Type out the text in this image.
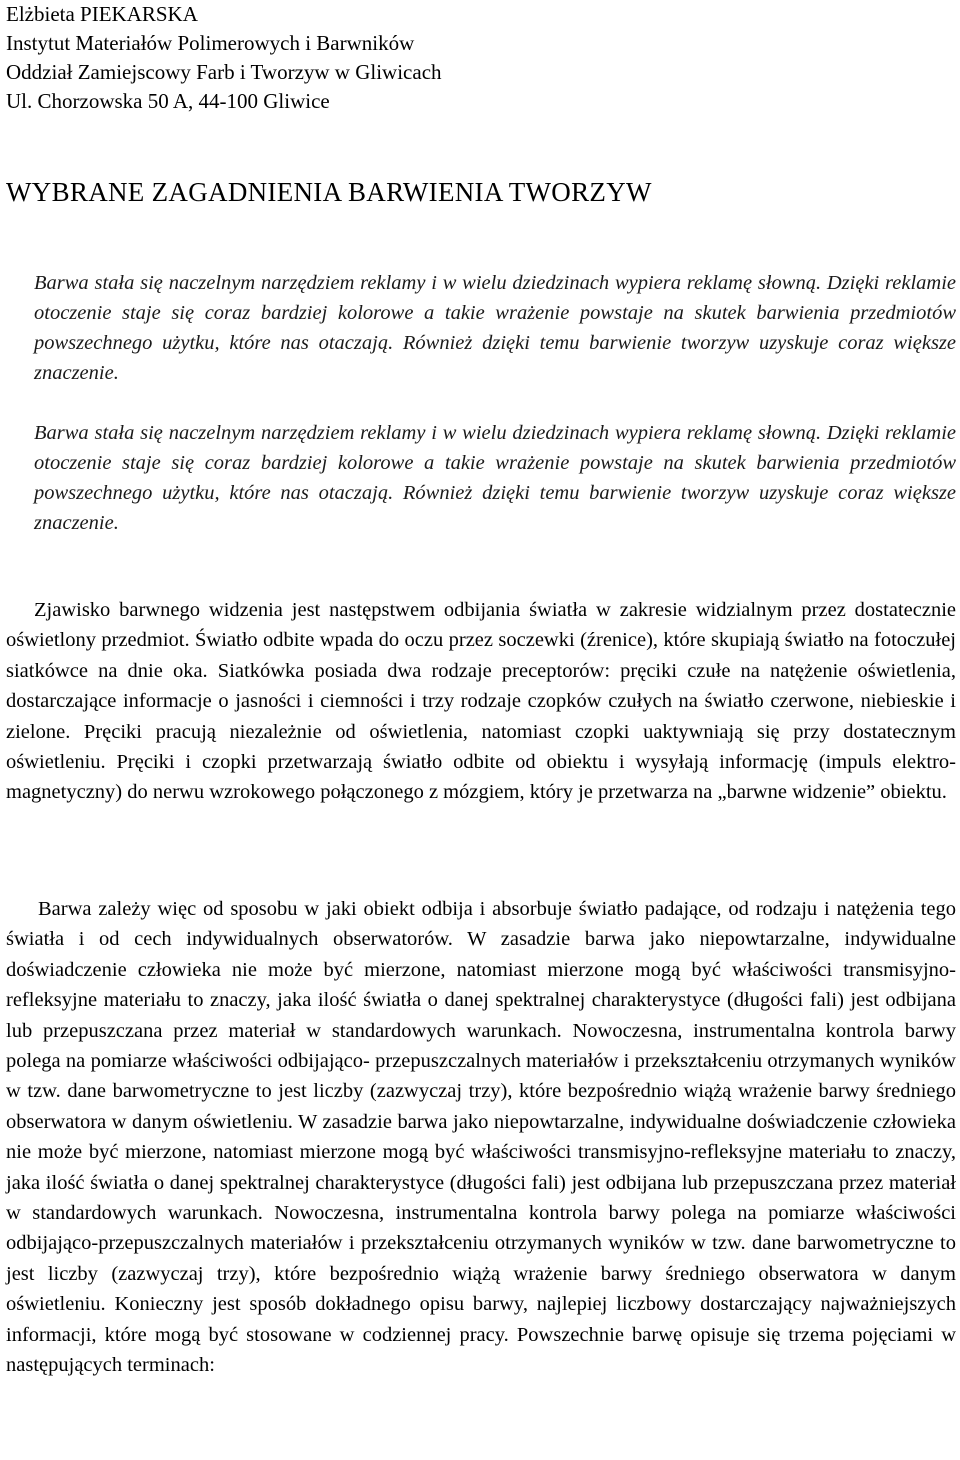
Elżbieta PIEKARSKA
Instytut Materiałów Polimerowych i Barwników
Oddział Zamiejscowy Farb i Tworzyw w Gliwicach
Ul. Chorzowska 50 A, 44-100 Gliwice
WYBRANE ZAGADNIENIA BARWIENIA TWORZYW

Barwa stała się naczelnym narzędziem reklamy i w wielu dziedzinach wypiera reklamę słowną. Dzięki reklamie otoczenie staje się coraz bardziej kolorowe a takie wrażenie powstaje na skutek barwienia przedmiotów powszechnego użytku, które nas otaczają. Również dzięki temu barwienie tworzyw uzyskuje coraz większe znaczenie.

Barwa stała się naczelnym narzędziem reklamy i w wielu dziedzinach wypiera reklamę słowną. Dzięki reklamie otoczenie staje się coraz bardziej kolorowe a takie wrażenie powstaje na skutek barwienia przedmiotów powszechnego użytku, które nas otaczają. Również dzięki temu barwienie tworzyw uzyskuje coraz większe znaczenie.

Zjawisko barwnego widzenia jest następstwem odbijania światła w zakresie widzialnym przez dostatecznie oświetlony przedmiot. Światło odbite wpada do oczu przez soczewki (źrenice), które skupiają światło na fotoczułej siatkówce na dnie oka. Siatkówka posiada dwa rodzaje preceptorów: pręciki czułe na natężenie oświetlenia, dostarczające informacje o jasności i ciemności i trzy rodzaje czopków czułych na światło czerwone, niebieskie i zielone. Pręciki pracują niezależnie od oświetlenia, natomiast czopki uaktywniają się przy dostatecznym oświetleniu. Pręciki i czopki przetwarzają światło odbite od obiektu i wysyłają informację (impuls elektro-magnetyczny) do nerwu wzrokowego połączonego z mózgiem, który je przetwarza na „barwne widzenie” obiektu.

Barwa zależy więc od sposobu w jaki obiekt odbija i absorbuje światło padające, od rodzaju i natężenia tego światła i od cech indywidualnych obserwatorów. W zasadzie barwa jako niepowtarzalne, indywidualne doświadczenie człowieka nie może być mierzone, natomiast mierzone mogą być właściwości transmisyjno-refleksyjne materiału to znaczy, jaka ilość światła o danej spektralnej charakterystyce (długości fali) jest odbijana lub przepuszczana przez materiał w standardowych warunkach. Nowoczesna, instrumentalna kontrola barwy polega na pomiarze właściwości odbijająco- przepuszczalnych materiałów i przekształceniu otrzymanych wyników w tzw. dane barwometryczne to jest liczby (zazwyczaj trzy), które bezpośrednio wiążą wrażenie barwy średniego obserwatora w danym oświetleniu. W zasadzie barwa jako niepowtarzalne, indywidualne doświadczenie człowieka nie może być mierzone, natomiast mierzone mogą być właściwości transmisyjno-refleksyjne materiału to znaczy, jaka ilość światła o danej spektralnej charakterystyce (długości fali) jest odbijana lub przepuszczana przez materiał w standardowych warunkach. Nowoczesna, instrumentalna kontrola barwy polega na pomiarze właściwości odbijająco-przepuszczalnych materiałów i przekształceniu otrzymanych wyników w tzw. dane barwometryczne to jest liczby (zazwyczaj trzy), które bezpośrednio wiążą wrażenie barwy średniego obserwatora w danym oświetleniu. Konieczny jest sposób dokładnego opisu barwy, najlepiej liczbowy dostarczający najważniejszych informacji, które mogą być stosowane w codziennej pracy. Powszechnie barwę opisuje się trzema pojęciami w następujących terminach:
